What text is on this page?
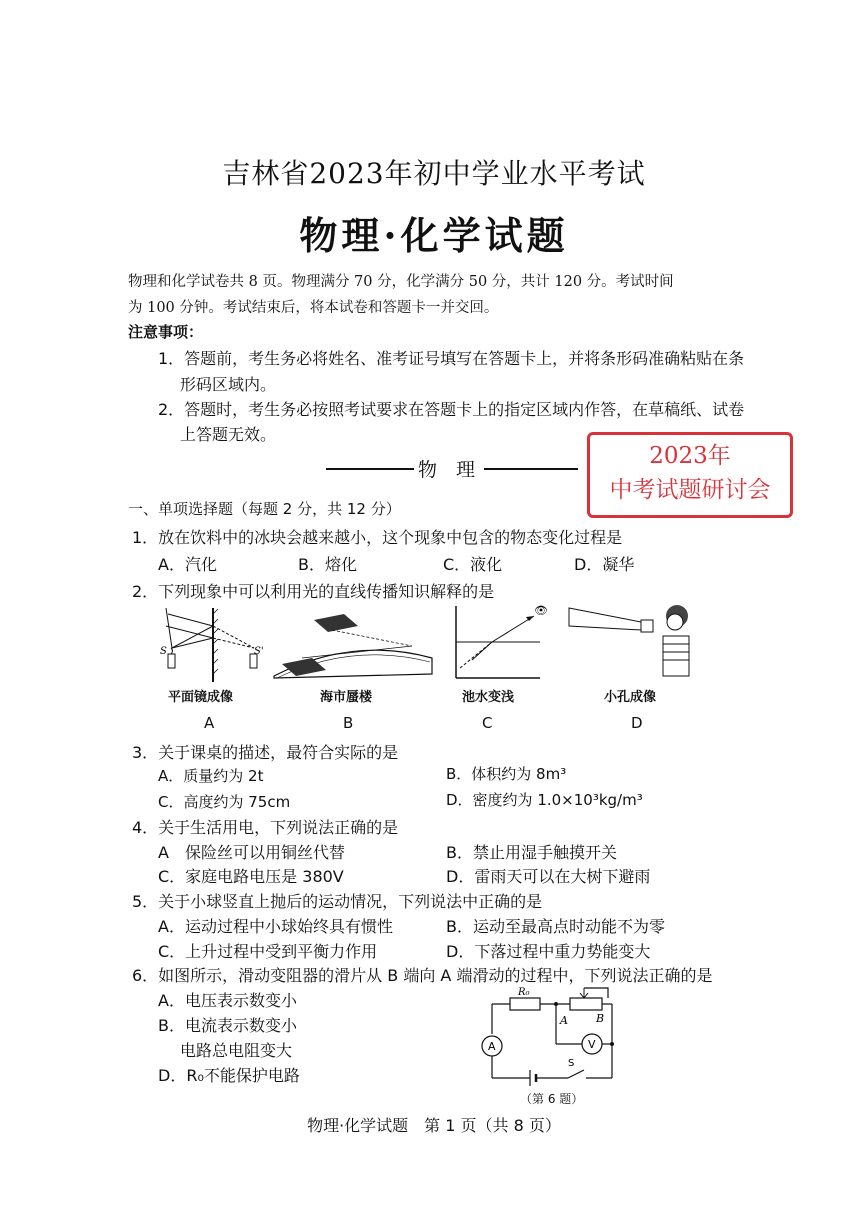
吉林省2023年初中学业水平考试
物理·化学试题
物理和化学试卷共 8 页。物理满分 70 分，化学满分 50 分，共计 120 分。考试时间
为 100 分钟。考试结束后，将本试卷和答题卡一并交回。
注意事项：
1．答题前，考生务必将姓名、准考证号填写在答题卡上，并将条形码准确粘贴在条
形码区域内。
2．答题时，考生务必按照考试要求在答题卡上的指定区域内作答，在草稿纸、试卷
上答题无效。
2023年
中考试题研讨会
物　理
一、单项选择题（每题 2 分，共 12 分）
1．放在饮料中的冰块会越来越小，这个现象中包含的物态变化过程是
A．汽化	B．熔化	C．液化	D．凝华
2．下列现象中可以利用光的直线传播知识解释的是
S	S'
👁
平面镜成像	海市蜃楼	池水变浅	小孔成像
A	B	C	D
3．关于课桌的描述，最符合实际的是
A．质量约为 2t	B．体积约为 8m³
C．高度约为 75cm	D．密度约为 1.0×10³kg/m³
4．关于生活用电，下列说法正确的是
A　保险丝可以用铜丝代替	B．禁止用湿手触摸开关
C．家庭电路电压是 380V	D．雷雨天可以在大树下避雨
5．关于小球竖直上抛后的运动情况，下列说法中正确的是
A．运动过程中小球始终具有惯性	B．运动至最高点时动能不为零
C．上升过程中受到平衡力作用	D．下落过程中重力势能变大
6．如图所示，滑动变阻器的滑片从 B 端向 A 端滑动的过程中，下列说法正确的是
A．电压表示数变小
B．电流表示数变小
电路总电阻变大
D．R₀不能保护电路
R₀
A	B
A	V
S
（第 6 题）
物理·化学试题　第 1 页（共 8 页）
